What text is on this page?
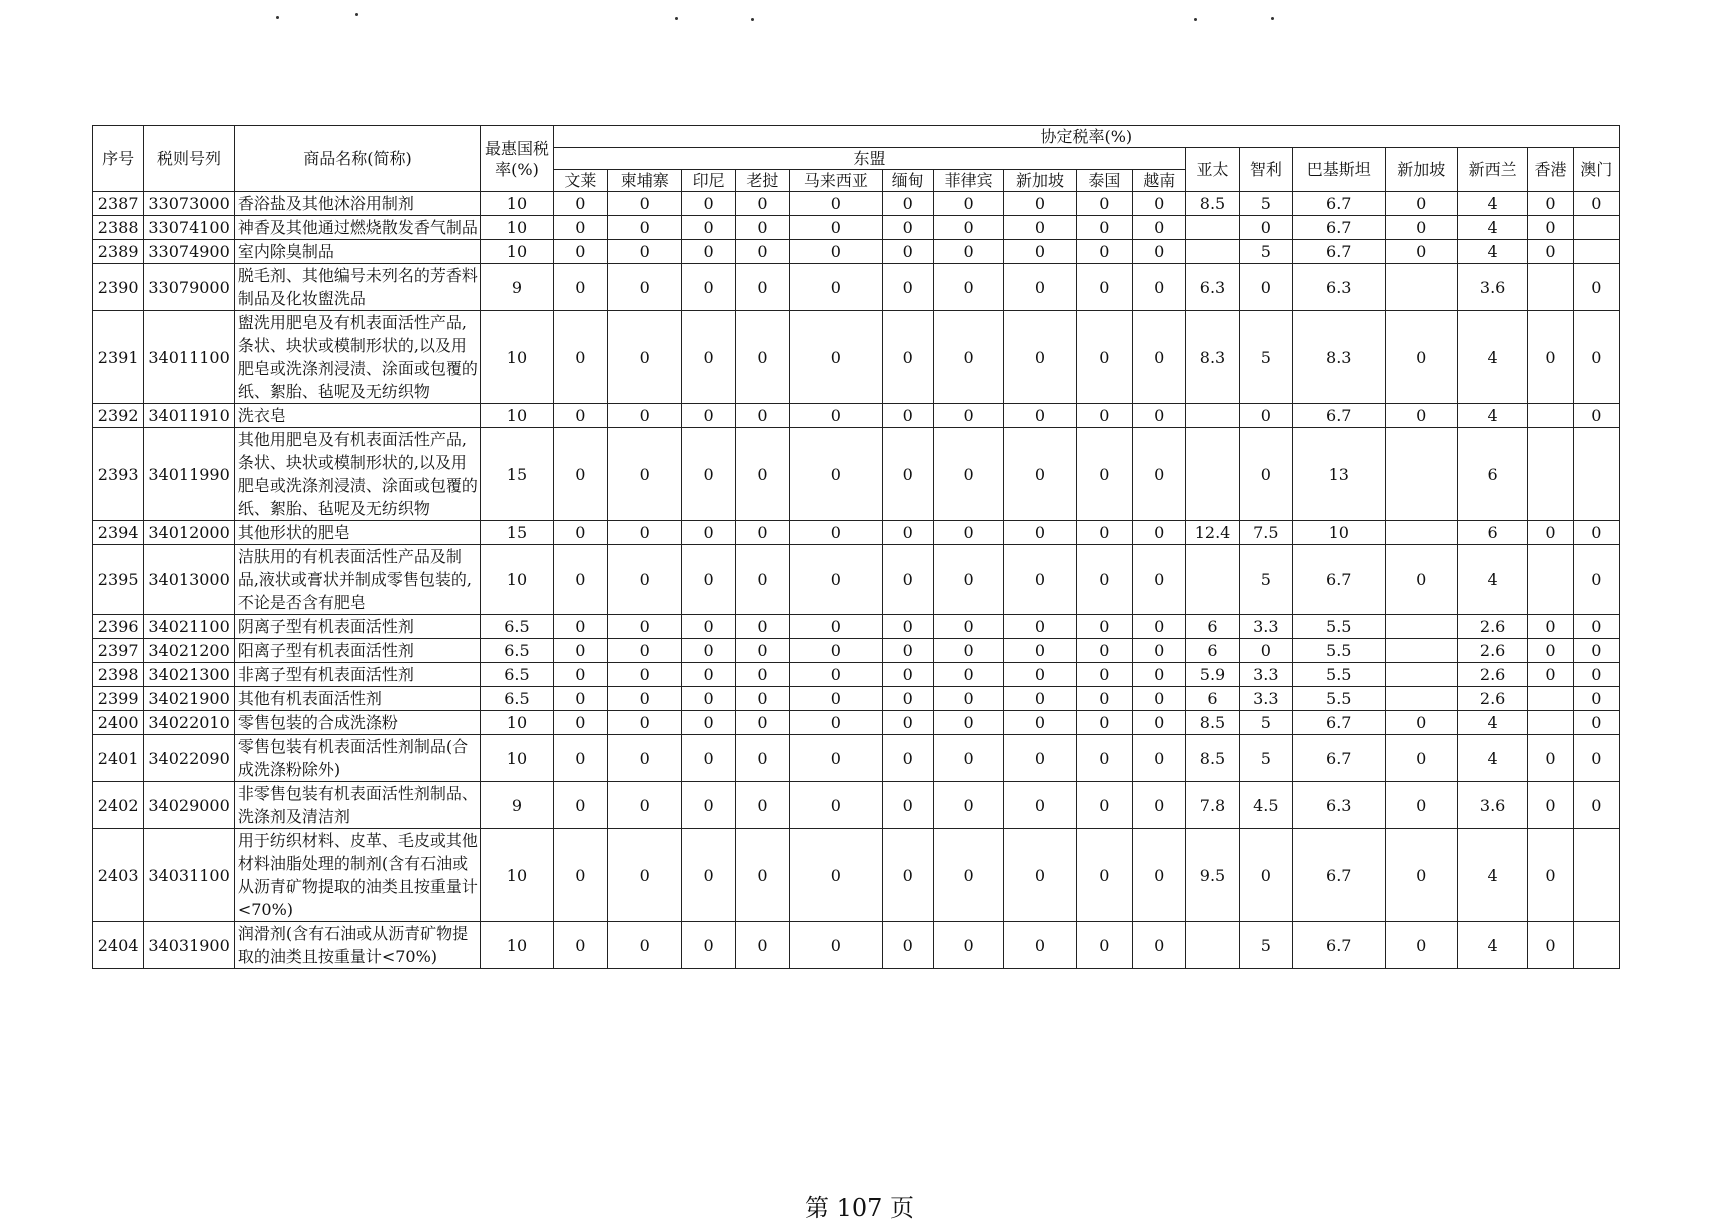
序号	税则号列	商品名称(简称)	最惠国税率(%)	协定税率(%)																
				东盟										亚太	智利	巴基斯坦	新加坡	新西兰	香港	澳门
				文莱	柬埔寨	印尼	老挝	马来西亚	缅甸	菲律宾	新加坡	泰国	越南							
2387	33073000	香浴盐及其他沐浴用制剂	10	0	0	0	0	0	0	0	0	0	0	8.5	5	6.7	0	4	0	0
2388	33074100	神香及其他通过燃烧散发香气制品	10	0	0	0	0	0	0	0	0	0	0		0	6.7	0	4	0	
2389	33074900	室内除臭制品	10	0	0	0	0	0	0	0	0	0	0		5	6.7	0	4	0	
2390	33079000	脱毛剂、其他编号未列名的芳香料制品及化妆盥洗品	9	0	0	0	0	0	0	0	0	0	0	6.3	0	6.3		3.6		0
2391	34011100	盥洗用肥皂及有机表面活性产品,条状、块状或模制形状的,以及用肥皂或洗涤剂浸渍、涂面或包覆的纸、絮胎、毡呢及无纺织物	10	0	0	0	0	0	0	0	0	0	0	8.3	5	8.3	0	4	0	0
2392	34011910	洗衣皂	10	0	0	0	0	0	0	0	0	0	0		0	6.7	0	4		0
2393	34011990	其他用肥皂及有机表面活性产品,条状、块状或模制形状的,以及用肥皂或洗涤剂浸渍、涂面或包覆的纸、絮胎、毡呢及无纺织物	15	0	0	0	0	0	0	0	0	0	0		0	13		6		
2394	34012000	其他形状的肥皂	15	0	0	0	0	0	0	0	0	0	0	12.4	7.5	10		6	0	0
2395	34013000	洁肤用的有机表面活性产品及制品,液状或膏状并制成零售包装的,不论是否含有肥皂	10	0	0	0	0	0	0	0	0	0	0		5	6.7	0	4		0
2396	34021100	阴离子型有机表面活性剂	6.5	0	0	0	0	0	0	0	0	0	0	6	3.3	5.5		2.6	0	0
2397	34021200	阳离子型有机表面活性剂	6.5	0	0	0	0	0	0	0	0	0	0	6	0	5.5		2.6	0	0
2398	34021300	非离子型有机表面活性剂	6.5	0	0	0	0	0	0	0	0	0	0	5.9	3.3	5.5		2.6	0	0
2399	34021900	其他有机表面活性剂	6.5	0	0	0	0	0	0	0	0	0	0	6	3.3	5.5		2.6		0
2400	34022010	零售包装的合成洗涤粉	10	0	0	0	0	0	0	0	0	0	0	8.5	5	6.7	0	4		0
2401	34022090	零售包装有机表面活性剂制品(合成洗涤粉除外)	10	0	0	0	0	0	0	0	0	0	0	8.5	5	6.7	0	4	0	0
2402	34029000	非零售包装有机表面活性剂制品、洗涤剂及清洁剂	9	0	0	0	0	0	0	0	0	0	0	7.8	4.5	6.3	0	3.6	0	0
2403	34031100	用于纺织材料、皮革、毛皮或其他材料油脂处理的制剂(含有石油或从沥青矿物提取的油类且按重量计<70%)	10	0	0	0	0	0	0	0	0	0	0	9.5	0	6.7	0	4	0	
2404	34031900	润滑剂(含有石油或从沥青矿物提取的油类且按重量计<70%)	10	0	0	0	0	0	0	0	0	0	0		5	6.7	0	4	0	
第 107 页
